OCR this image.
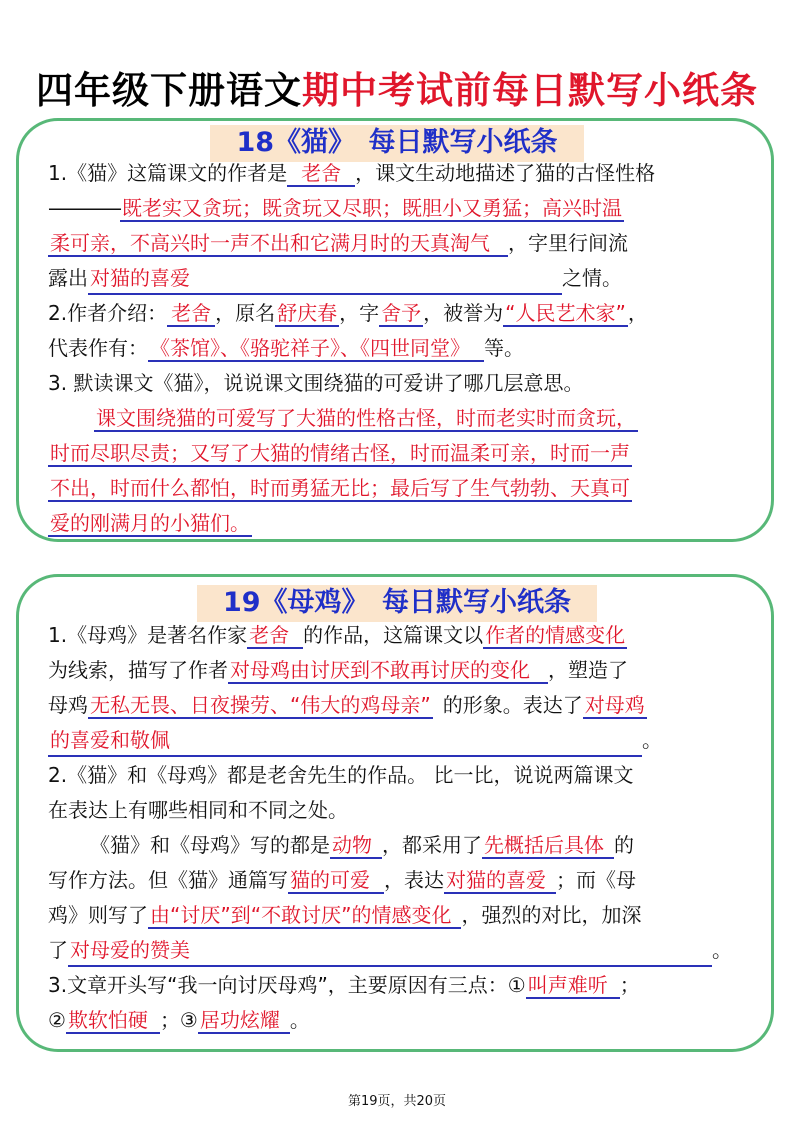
四年级下册语文期中考试前每日默写小纸条
18《猫》　每日默写小纸条
1.《猫》这篇课文的作者是 老舍 ，课文生动地描述了猫的古怪性格
———— 既老实又贪玩；既贪玩又尽职；既胆小又勇猛；高兴时温
柔可亲，不高兴时一声不出和它满月时的天真淘气 ，字里行间流
露出 对猫的喜爱	之情。
2.作者介绍： 老舍 ，原名 舒庆春 ，字 舍予 ，被誉为 “人民艺术家” ，
代表作有： 《茶馆》、《骆驼祥子》、《四世同堂》 等。
3. 默读课文《猫》，说说课文围绕猫的可爱讲了哪几层意思。
课文围绕猫的可爱写了大猫的性格古怪，时而老实时而贪玩，
时而尽职尽责；又写了大猫的情绪古怪，时而温柔可亲，时而一声
不出，时而什么都怕，时而勇猛无比；最后写了生气勃勃、天真可
爱的刚满月的小猫们。
19《母鸡》　每日默写小纸条
1.《母鸡》是著名作家 老舍 的作品，这篇课文以 作者的情感变化
为线索，描写了作者 对母鸡由讨厌到不敢再讨厌的变化 ，塑造了
母鸡 无私无畏、日夜操劳、“伟大的鸡母亲” 的形象。表达了 对母鸡
的喜爱和敬佩	。
2.《猫》和《母鸡》都是老舍先生的作品。 比一比，说说两篇课文
在表达上有哪些相同和不同之处。
《猫》和《母鸡》写的都是 动物 ，都采用了 先概括后具体 的
写作方法。但《猫》通篇写 猫的可爱 ，表达 对猫的喜爱 ；而《母
鸡》则写了 由“讨厌”到“不敢讨厌”的情感变化 ，强烈的对比，加深
了 对母爱的赞美	。
3.文章开头写“我一向讨厌母鸡”，主要原因有三点：① 叫声难听 ；
② 欺软怕硬 ；③ 居功炫耀 。
第19页，共20页
